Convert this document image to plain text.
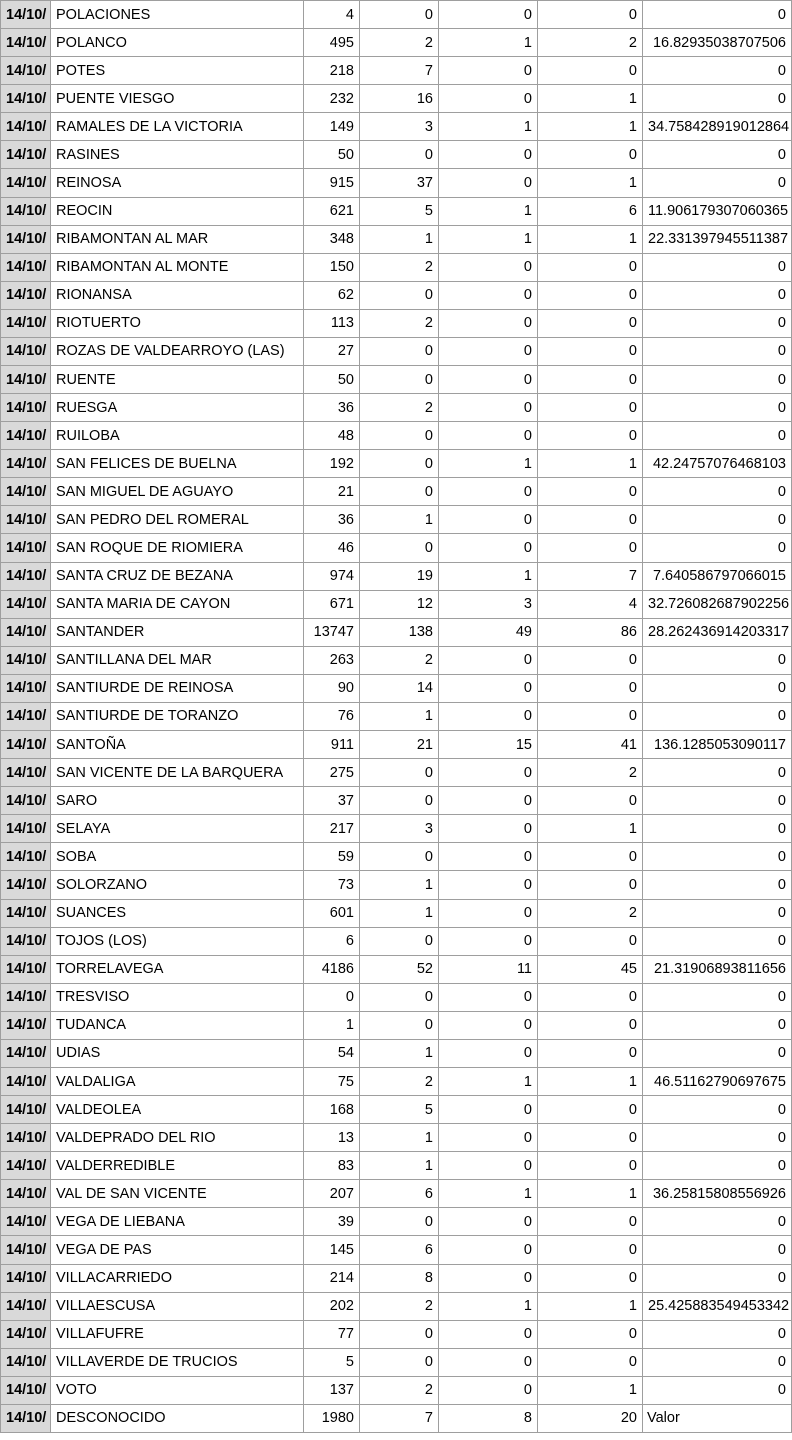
14/10/	POLACIONES	4	0	0	0	0
14/10/	POLANCO	495	2	1	2	16.82935038707506
14/10/	POTES	218	7	0	0	0
14/10/	PUENTE VIESGO	232	16	0	1	0
14/10/	RAMALES DE LA VICTORIA	149	3	1	1	34.758428919012864
14/10/	RASINES	50	0	0	0	0
14/10/	REINOSA	915	37	0	1	0
14/10/	REOCIN	621	5	1	6	11.906179307060365
14/10/	RIBAMONTAN AL MAR	348	1	1	1	22.331397945511387
14/10/	RIBAMONTAN AL MONTE	150	2	0	0	0
14/10/	RIONANSA	62	0	0	0	0
14/10/	RIOTUERTO	113	2	0	0	0
14/10/	ROZAS DE VALDEARROYO (LAS)	27	0	0	0	0
14/10/	RUENTE	50	0	0	0	0
14/10/	RUESGA	36	2	0	0	0
14/10/	RUILOBA	48	0	0	0	0
14/10/	SAN FELICES DE BUELNA	192	0	1	1	42.24757076468103
14/10/	SAN MIGUEL DE AGUAYO	21	0	0	0	0
14/10/	SAN PEDRO DEL ROMERAL	36	1	0	0	0
14/10/	SAN ROQUE DE RIOMIERA	46	0	0	0	0
14/10/	SANTA CRUZ DE BEZANA	974	19	1	7	7.640586797066015
14/10/	SANTA MARIA DE CAYON	671	12	3	4	32.726082687902256
14/10/	SANTANDER	13747	138	49	86	28.262436914203317
14/10/	SANTILLANA DEL MAR	263	2	0	0	0
14/10/	SANTIURDE DE REINOSA	90	14	0	0	0
14/10/	SANTIURDE DE TORANZO	76	1	0	0	0
14/10/	SANTOÑA	911	21	15	41	136.1285053090117
14/10/	SAN VICENTE DE LA BARQUERA	275	0	0	2	0
14/10/	SARO	37	0	0	0	0
14/10/	SELAYA	217	3	0	1	0
14/10/	SOBA	59	0	0	0	0
14/10/	SOLORZANO	73	1	0	0	0
14/10/	SUANCES	601	1	0	2	0
14/10/	TOJOS (LOS)	6	0	0	0	0
14/10/	TORRELAVEGA	4186	52	11	45	21.31906893811656
14/10/	TRESVISO	0	0	0	0	0
14/10/	TUDANCA	1	0	0	0	0
14/10/	UDIAS	54	1	0	0	0
14/10/	VALDALIGA	75	2	1	1	46.51162790697675
14/10/	VALDEOLEA	168	5	0	0	0
14/10/	VALDEPRADO DEL RIO	13	1	0	0	0
14/10/	VALDERREDIBLE	83	1	0	0	0
14/10/	VAL DE SAN VICENTE	207	6	1	1	36.25815808556926
14/10/	VEGA DE LIEBANA	39	0	0	0	0
14/10/	VEGA DE PAS	145	6	0	0	0
14/10/	VILLACARRIEDO	214	8	0	0	0
14/10/	VILLAESCUSA	202	2	1	1	25.425883549453342
14/10/	VILLAFUFRE	77	0	0	0	0
14/10/	VILLAVERDE DE TRUCIOS	5	0	0	0	0
14/10/	VOTO	137	2	0	1	0
14/10/	DESCONOCIDO	1980	7	8	20	Valor
